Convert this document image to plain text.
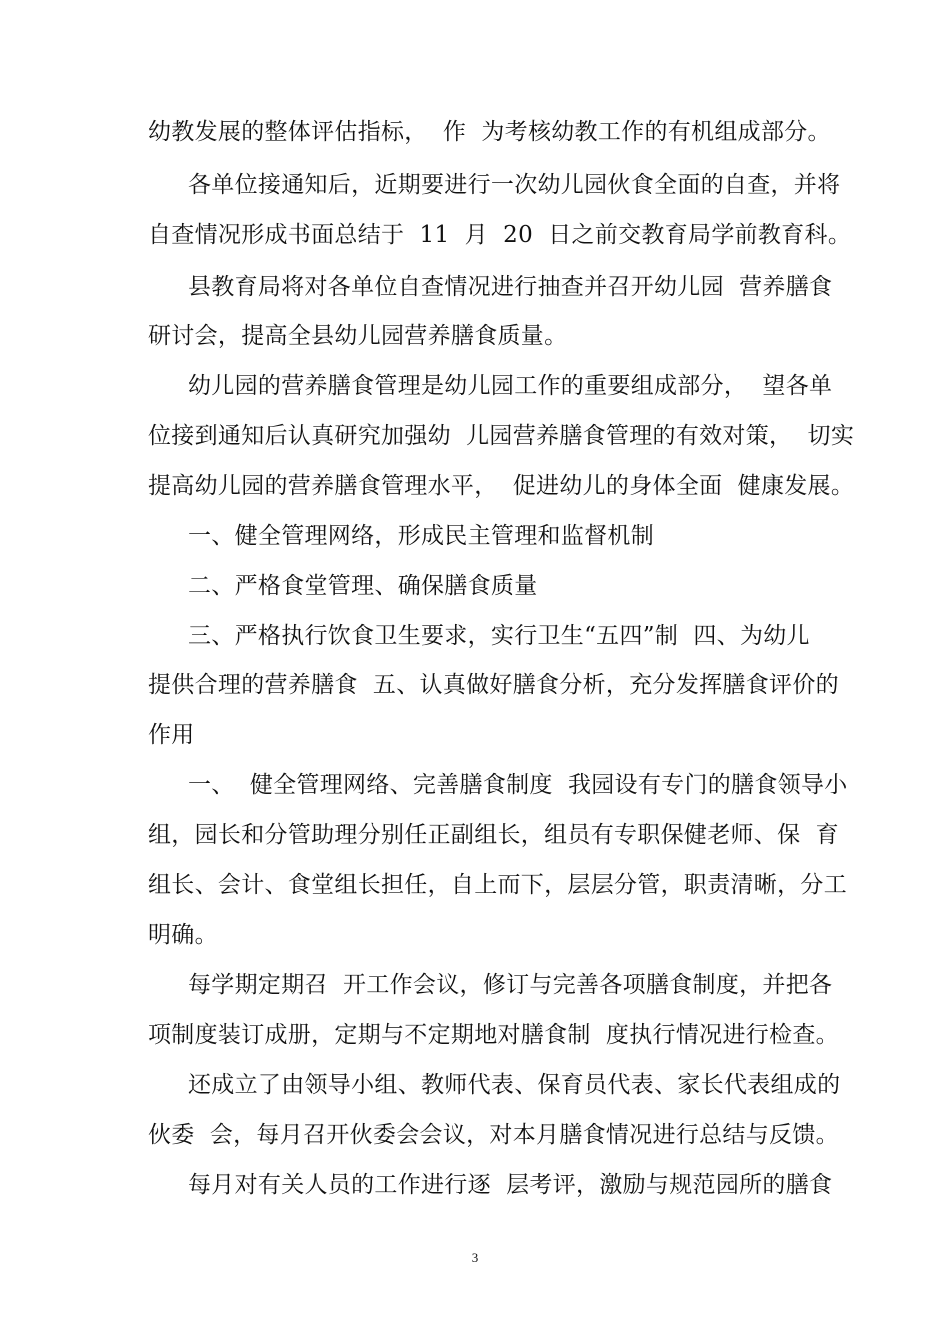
幼教发展的整体评估指标，  作  为考核幼教工作的有机组成部分。
各单位接通知后，近期要进行一次幼儿园伙食全面的自查，并将
自查情况形成书面总结于  11  月  20  日之前交教育局学前教育科。
县教育局将对各单位自查情况进行抽查并召开幼儿园  营养膳食
研讨会，提高全县幼儿园营养膳食质量。
幼儿园的营养膳食管理是幼儿园工作的重要组成部分，  望各单
位接到通知后认真研究加强幼  儿园营养膳食管理的有效对策，  切实
提高幼儿园的营养膳食管理水平，  促进幼儿的身体全面  健康发展。
一、健全管理网络，形成民主管理和监督机制
二、严格食堂管理、确保膳食质量
三、严格执行饮食卫生要求，实行卫生“五四”制  四、为幼儿
提供合理的营养膳食  五、认真做好膳食分析，充分发挥膳食评价的
作用
一、  健全管理网络、完善膳食制度  我园设有专门的膳食领导小
组，园长和分管助理分别任正副组长，组员有专职保健老师、保  育
组长、会计、食堂组长担任，自上而下，层层分管，职责清晰，分工
明确。
每学期定期召  开工作会议，修订与完善各项膳食制度，并把各
项制度装订成册，定期与不定期地对膳食制  度执行情况进行检查。
还成立了由领导小组、教师代表、保育员代表、家长代表组成的
伙委  会，每月召开伙委会会议，对本月膳食情况进行总结与反馈。
每月对有关人员的工作进行逐  层考评，激励与规范园所的膳食
3
